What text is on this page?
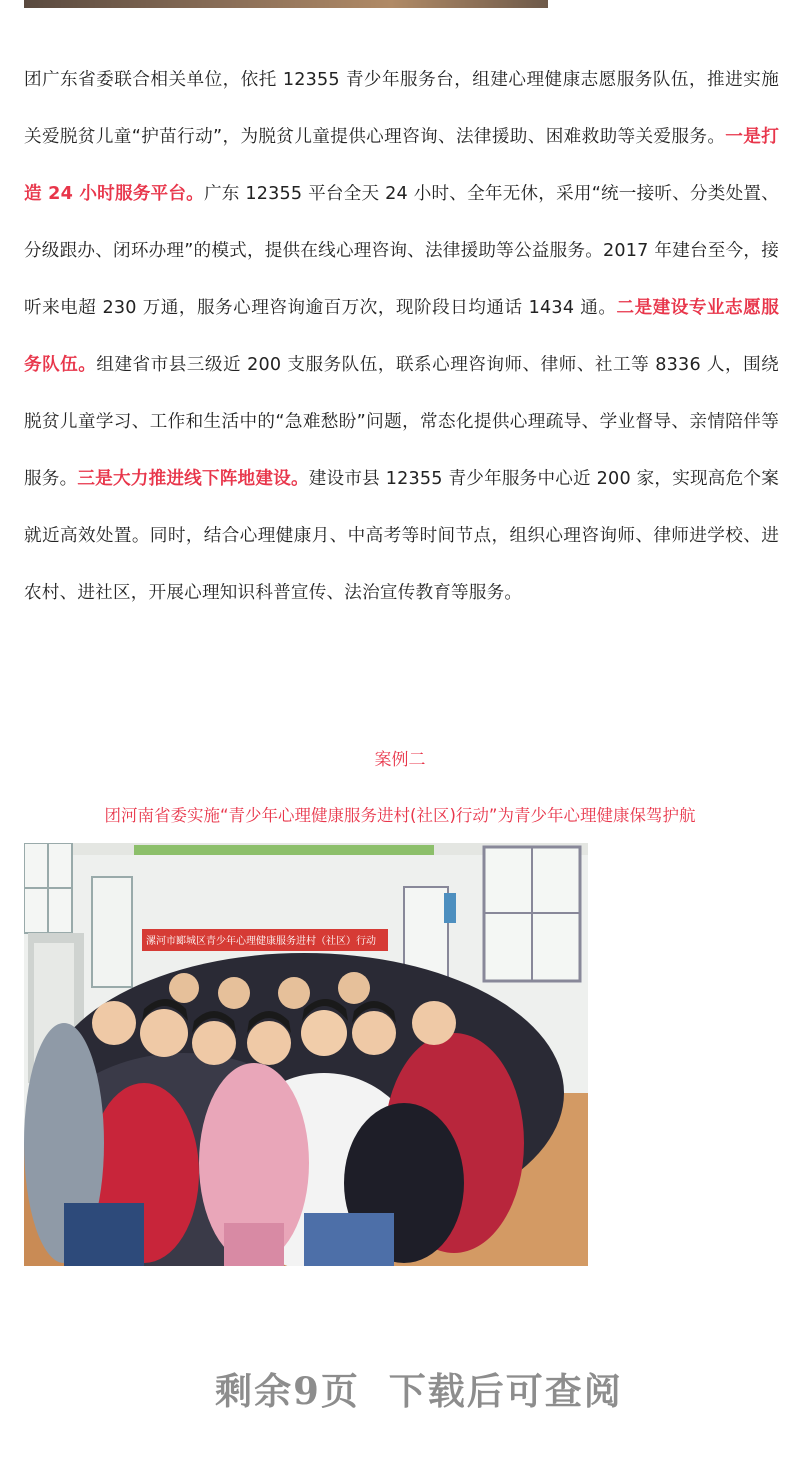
团广东省委联合相关单位，依托 12355 青少年服务台，组建心理健康志愿服务队伍，推进实施关爱脱贫儿童“护苗行动”，为脱贫儿童提供心理咨询、法律援助、困难救助等关爱服务。一是打造 24 小时服务平台。广东 12355 平台全天 24 小时、全年无休，采用“统一接听、分类处置、分级跟办、闭环办理”的模式，提供在线心理咨询、法律援助等公益服务。2017 年建台至今，接听来电超 230 万通，服务心理咨询逾百万次，现阶段日均通话 1434 通。二是建设专业志愿服务队伍。组建省市县三级近 200 支服务队伍，联系心理咨询师、律师、社工等 8336 人，围绕脱贫儿童学习、工作和生活中的“急难愁盼”问题，常态化提供心理疏导、学业督导、亲情陪伴等服务。三是大力推进线下阵地建设。建设市县 12355 青少年服务中心近 200 家，实现高危个案就近高效处置。同时，结合心理健康月、中高考等时间节点，组织心理咨询师、律师进学校、进农村、进社区，开展心理知识科普宣传、法治宣传教育等服务。
案例二
团河南省委实施“青少年心理健康服务进村(社区)行动”为青少年心理健康保驾护航
漯河市郾城区青少年心理健康服务进村（社区）行动
剩余9页 下载后可查阅
